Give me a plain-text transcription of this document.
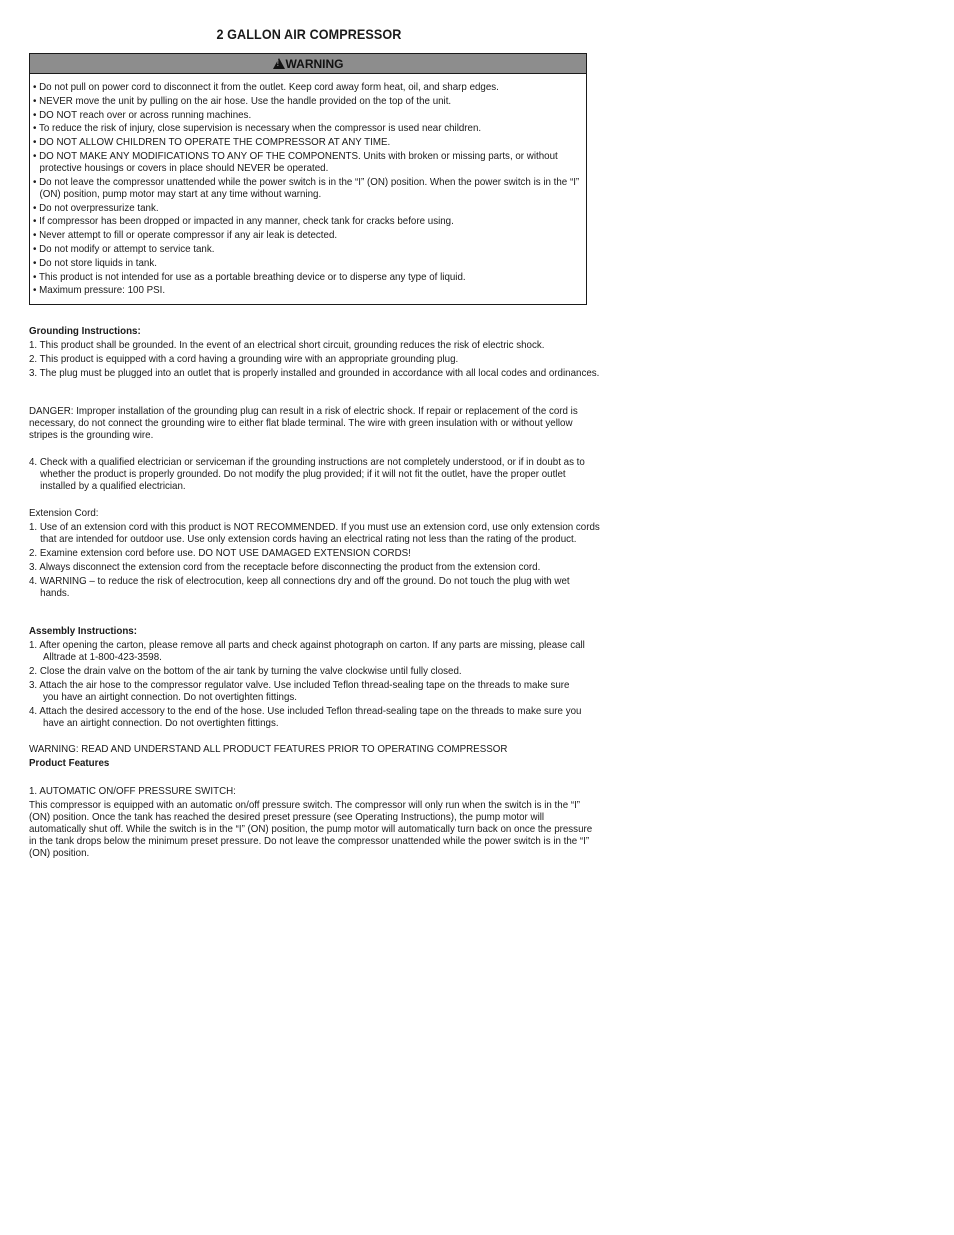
2 GALLON AIR COMPRESSOR
!
WARNING
• Do not pull on power cord to disconnect it from the outlet. Keep cord away form heat, oil, and sharp edges.
• NEVER move the unit by pulling on the air hose. Use the handle provided on the top of the unit.
• DO NOT reach over or across running machines.
• To reduce the risk of injury, close supervision is necessary when the compressor is used near children.
• DO NOT ALLOW CHILDREN TO OPERATE THE COMPRESSOR AT ANY TIME.
• DO NOT MAKE ANY MODIFICATIONS TO ANY OF THE COMPONENTS. Units with broken or missing parts, or without protective housings or covers in place should NEVER be operated.
• Do not leave the compressor unattended while the power switch is in the “I” (ON) position. When the power switch is in the “I” (ON) position, pump motor may start at any time without warning.
• Do not overpressurize tank.
• If compressor has been dropped or impacted in any manner, check tank for cracks before using.
• Never attempt to fill or operate compressor if any air leak is detected.
• Do not modify or attempt to service tank.
• Do not store liquids in tank.
• This product is not intended for use as a portable breathing device or to disperse any type of liquid.
• Maximum pressure: 100 PSI.

Grounding Instructions:

1. This product shall be grounded. In the event of an electrical short circuit, grounding reduces the risk of electric shock.
2. This product is equipped with a cord having a grounding wire with an appropriate grounding plug.
3. The plug must be plugged into an outlet that is properly installed and grounded in accordance with all local codes and ordinances.
DANGER: Improper installation of the grounding plug can result in a risk of electric shock. If repair or replacement of the cord is necessary, do not connect the grounding wire to either flat blade terminal. The wire with green insulation with or without yellow stripes is the grounding wire.
4. Check with a qualified electrician or serviceman if the grounding instructions are not completely understood, or if in doubt as to whether the product is properly grounded. Do not modify the plug provided; if it will not fit the outlet, have the proper outlet installed by a qualified electrician.

Extension Cord:

1. Use of an extension cord with this product is NOT RECOMMENDED. If you must use an extension cord, use only extension cords that are intended for outdoor use. Use only extension cords having an electrical rating not less than the rating of the product.
2. Examine extension cord before use. DO NOT USE DAMAGED EXTENSION CORDS!
3. Always disconnect the extension cord from the receptacle before disconnecting the product from the extension cord.
4. WARNING – to reduce the risk of electrocution, keep all connections dry and off the ground. Do not touch the plug with wet hands.

Assembly Instructions:

1. After opening the carton, please remove all parts and check against photograph on carton. If any parts are missing, please call Alltrade at 1-800-423-3598.
2. Close the drain valve on the bottom of the air tank by turning the valve clockwise until fully closed.
3. Attach the air hose to the compressor regulator valve. Use included Teflon thread-sealing tape on the threads to make sure you have an airtight connection. Do not overtighten fittings.
4. Attach the desired accessory to the end of the hose. Use included Teflon thread-sealing tape on the threads to make sure you have an airtight connection. Do not overtighten fittings.

WARNING: READ AND UNDERSTAND ALL PRODUCT FEATURES PRIOR TO OPERATING COMPRESSOR

Product Features

1. AUTOMATIC ON/OFF PRESSURE SWITCH:

This compressor is equipped with an automatic on/off pressure switch. The compressor will only run when the switch is in the “I” (ON) position. Once the tank has reached the desired preset pressure (see Operating Instructions), the pump motor will automatically shut off. While the switch is in the “I” (ON) position, the pump motor will automatically turn back on once the pressure in the tank drops below the minimum preset pressure. Do not leave the compressor unattended while the power switch is in the “I” (ON) position.
